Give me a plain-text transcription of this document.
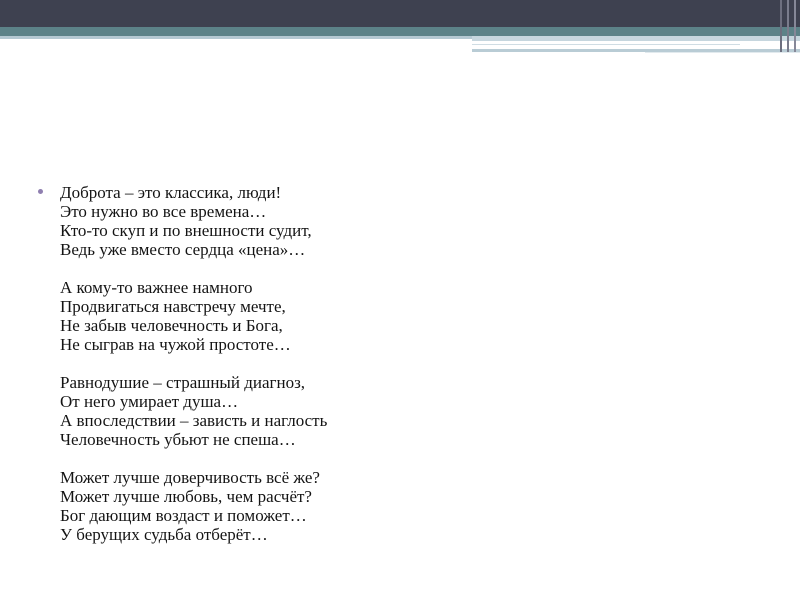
Доброта – это классика, люди!
Это нужно во все времена…
Кто-то скуп и по внешности судит,
Ведь уже вместо сердца «цена»…
А кому-то важнее намного
Продвигаться навстречу мечте,
Не забыв человечность и Бога,
Не сыграв на чужой простоте…
Равнодушие – страшный диагноз,
От него умирает душа…
А впоследствии – зависть и наглость
Человечность убьют не спеша…
Может лучше доверчивость всё же?
Может лучше любовь, чем расчёт?
Бог дающим воздаст и поможет…
У берущих судьба отберёт…
